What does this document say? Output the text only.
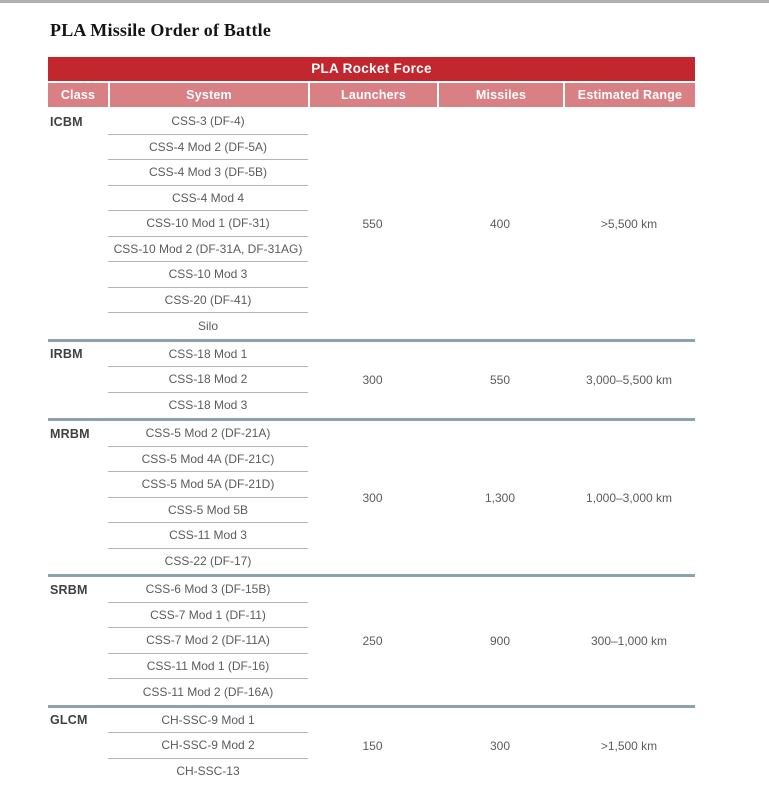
PLA Missile Order of Battle
PLA Rocket Force
Class	System	Launchers	Missiles	Estimated Range
ICBM	CSS-3 (DF-4)
CSS-4 Mod 2 (DF-5A)
CSS-4 Mod 3 (DF-5B)
CSS-4 Mod 4
CSS-10 Mod 1 (DF-31)
CSS-10 Mod 2 (DF-31A, DF-31AG)
CSS-10 Mod 3
CSS-20 (DF-41)
Silo
550	400	>5,500 km
IRBM	CSS-18 Mod 1
CSS-18 Mod 2
CSS-18 Mod 3
300	550	3,000–5,500 km
MRBM	CSS-5 Mod 2 (DF-21A)
CSS-5 Mod 4A (DF-21C)
CSS-5 Mod 5A (DF-21D)
CSS-5 Mod 5B
CSS-11 Mod 3
CSS-22 (DF-17)
300	1,300	1,000–3,000 km
SRBM	CSS-6 Mod 3 (DF-15B)
CSS-7 Mod 1 (DF-11)
CSS-7 Mod 2 (DF-11A)
CSS-11 Mod 1 (DF-16)
CSS-11 Mod 2 (DF-16A)
250	900	300–1,000 km
GLCM	CH-SSC-9 Mod 1
CH-SSC-9 Mod 2
CH-SSC-13
150	300	>1,500 km
